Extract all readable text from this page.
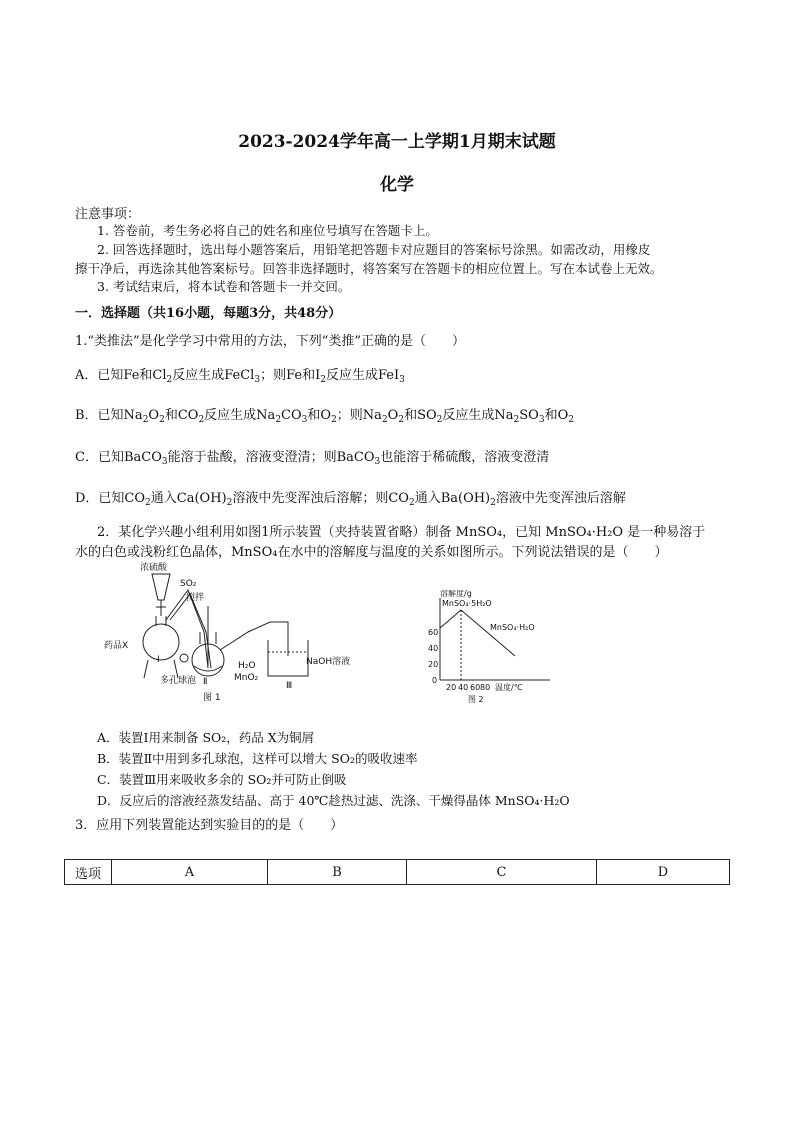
2023-2024学年高一上学期1月期末试题
化学
注意事项：
1. 答卷前，考生务必将自己的姓名和座位号填写在答题卡上。
2. 回答选择题时，选出每小题答案后，用铅笔把答题卡对应题目的答案标号涂黑。如需改动，用橡皮
擦干净后，再选涂其他答案标号。回答非选择题时，将答案写在答题卡的相应位置上。写在本试卷上无效。
3. 考试结束后，将本试卷和答题卡一并交回。
一．选择题（共16小题，每题3分，共48分）
1.“类推法”是化学学习中常用的方法，下列“类推”正确的是（　　）
A．已知Fe和$Cl_2$反应生成FeCl$_3$；则Fe和$I_2$反应生成FeI$_3$
B．已知$Na_2O_2$和$CO_2$反应生成$Na_2CO_3$和$O_2$；则$Na_2O_2$和$SO_2$反应生成$Na_2SO_3$和$O_2$
C．已知BaCO$_3$能溶于盐酸，溶液变澄清；则BaCO$_3$也能溶于稀硫酸，溶液变澄清
D．已知$CO_2$通入$Ca(OH)_2$溶液中先变浑浊后溶解；则$CO_2$通入$Ba(OH)_2$溶液中先变浑浊后溶解
2．某化学兴趣小组利用如图1所示装置（夹持装置省略）制备 MnSO₄，已知 MnSO₄·H₂O 是一种易溶于
水的白色或浅粉红色晶体，MnSO₄在水中的溶解度与温度的关系如图所示。下列说法错误的是（　　）
浓硫酸
SO₂
搅拌
药品X
Ⅰ
多孔球泡
H₂O
MnO₂
Ⅱ
NaOH溶液
Ⅲ
图 1
溶解度/g
MnSO₄·5H₂O
MnSO₄·H₂O
0
20
40
60
20 40 60 80 温度/℃
图 2
A．装置Ⅰ用来制备 SO₂，药品 X为铜屑
B．装置Ⅱ中用到多孔球泡，这样可以增大 SO₂的吸收速率
C．装置Ⅲ用来吸收多余的 SO₂并可防止倒吸
D．反应后的溶液经蒸发结晶、高于 40℃趁热过滤、洗涤、干燥得晶体 MnSO₄·H₂O
3．应用下列装置能达到实验目的的是（　　）
选项	A	B	C	D
